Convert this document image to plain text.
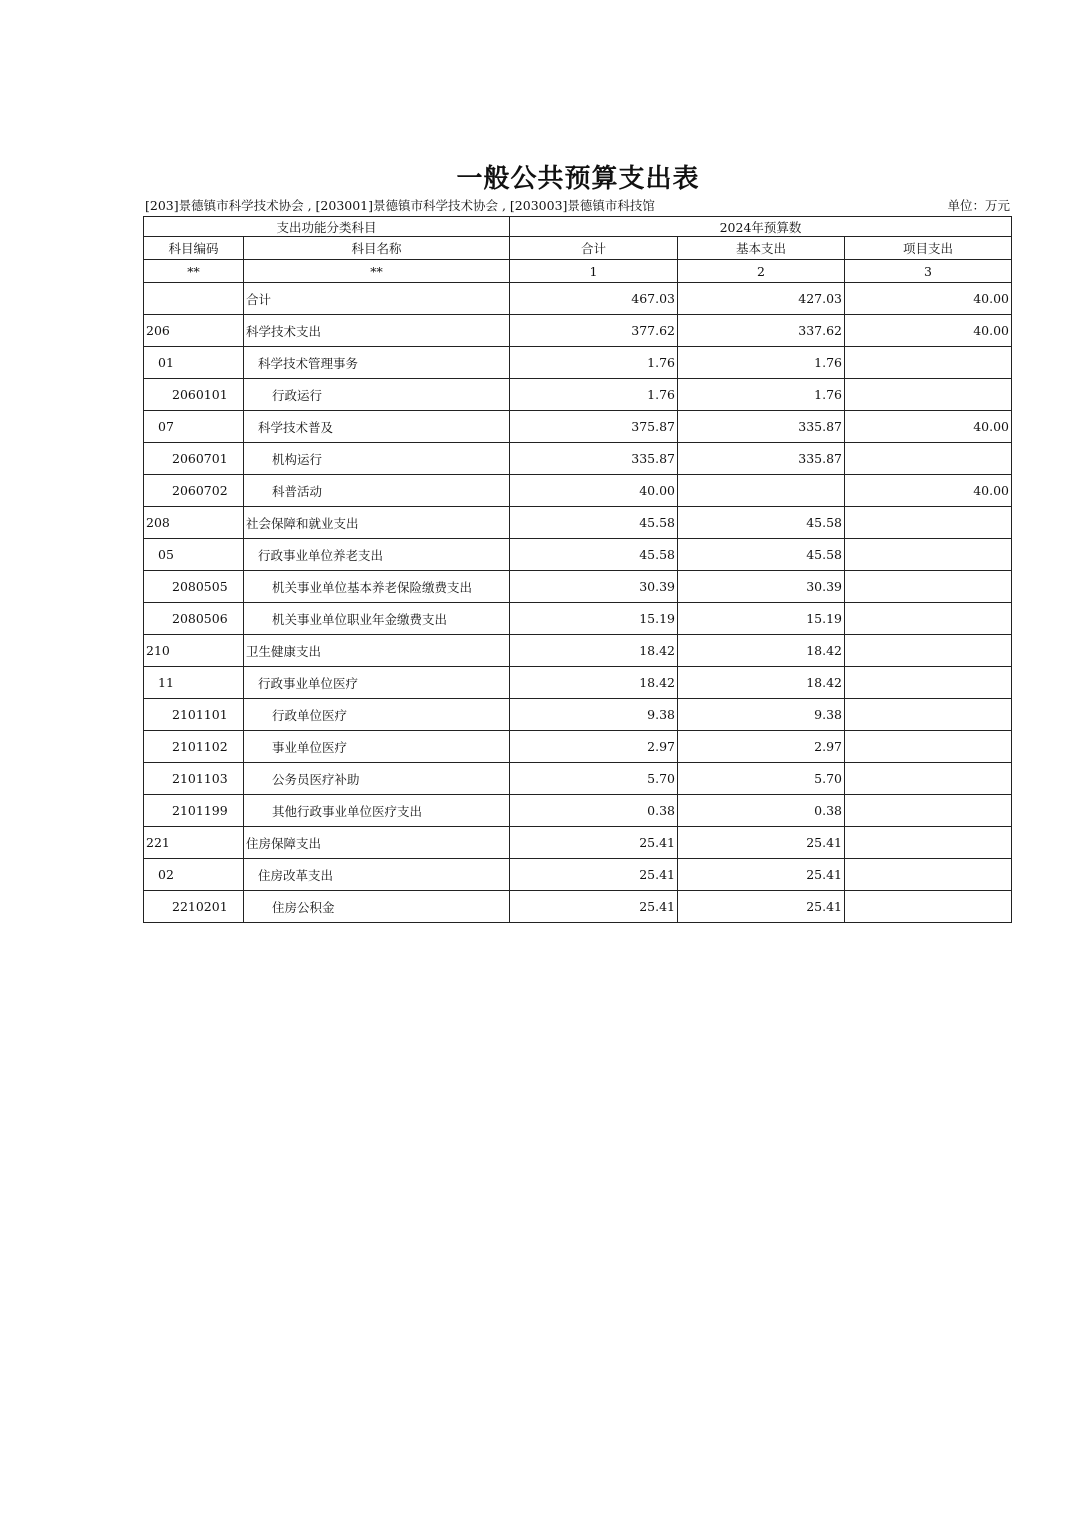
一般公共预算支出表
[203]景德镇市科学技术协会 , [203001]景德镇市科学技术协会 , [203003]景德镇市科技馆	单位：万元
支出功能分类科目		2024年预算数		
科目编码	科目名称	合计	基本支出	项目支出
**	**	1	2	3
	合计	467.03	427.03	40.00
206	科学技术支出	377.62	337.62	40.00
01	科学技术管理事务	1.76	1.76	
2060101	行政运行	1.76	1.76	
07	科学技术普及	375.87	335.87	40.00
2060701	机构运行	335.87	335.87	
2060702	科普活动	40.00		40.00
208	社会保障和就业支出	45.58	45.58	
05	行政事业单位养老支出	45.58	45.58	
2080505	机关事业单位基本养老保险缴费支出	30.39	30.39	
2080506	机关事业单位职业年金缴费支出	15.19	15.19	
210	卫生健康支出	18.42	18.42	
11	行政事业单位医疗	18.42	18.42	
2101101	行政单位医疗	9.38	9.38	
2101102	事业单位医疗	2.97	2.97	
2101103	公务员医疗补助	5.70	5.70	
2101199	其他行政事业单位医疗支出	0.38	0.38	
221	住房保障支出	25.41	25.41	
02	住房改革支出	25.41	25.41	
2210201	住房公积金	25.41	25.41	
